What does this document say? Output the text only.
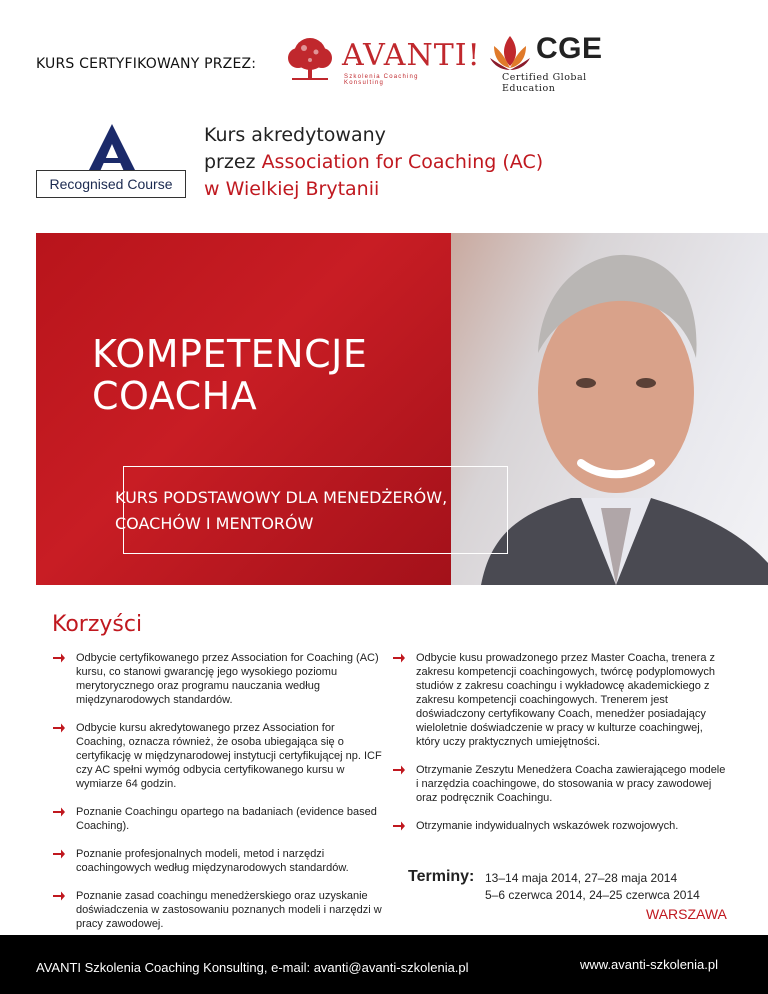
KURS CERTYFIKOWANY PRZEZ:	AVANTI!
Szkolenia Coaching Konsulting
CGE
Certified Global Education
Recognised Course
Kurs akredytowany
przez Association for Coaching (AC)
w Wielkiej Brytanii
KOMPETENCJE
COACHA
KURS PODSTAWOWY DLA MENEDŻERÓW,
COACHÓW I MENTORÓW
Korzyści
Odbycie certyfikowanego przez Association for Coaching (AC) kursu, co stanowi gwarancję jego wysokiego poziomu merytorycznego oraz programu nauczania według międzynarodowych standardów.
Odbycie kursu akredytowanego przez Association for Coaching, oznacza również, że osoba ubiegająca się o certyfikację w międzynarodowej instytucji certyfikującej np. ICF czy AC spełni wymóg odbycia certyfikowanego kursu w wymiarze 64 godzin.
Poznanie Coachingu opartego na badaniach (evidence based Coaching).
Poznanie profesjonalnych modeli, metod i narzędzi coachingowych według międzynarodowych standardów.
Poznanie zasad coachingu menedżerskiego oraz uzyskanie doświadczenia w zastosowaniu poznanych modeli i narzędzi w pracy zawodowej.
Odbycie kusu prowadzonego przez Master Coacha, trenera z zakresu kompetencji coachingowych, twórcę podyplomowych studiów z zakresu coachingu i wykładowcę akademickiego z zakresu kompetencji coachingowych. Trenerem jest doświadczony certyfikowany Coach, menedżer posiadający wieloletnie doświadczenie w pracy w kulturze coachingwej, który uczy praktycznych umiejętności.
Otrzymanie Zeszytu Menedżera Coacha zawierającego modele i narzędzia coachingowe, do stosowania w pracy zawodowej oraz podręcznik Coachingu.
Otrzymanie indywidualnych wskazówek rozwojowych.
Terminy: 13–14 maja 2014, 27–28 maja 2014
5–6 czerwca 2014, 24–25 czerwca 2014
WARSZAWA
AVANTI Szkolenia Coaching Konsulting, e-mail: avanti@avanti-szkolenia.pl	www.avanti-szkolenia.pl
